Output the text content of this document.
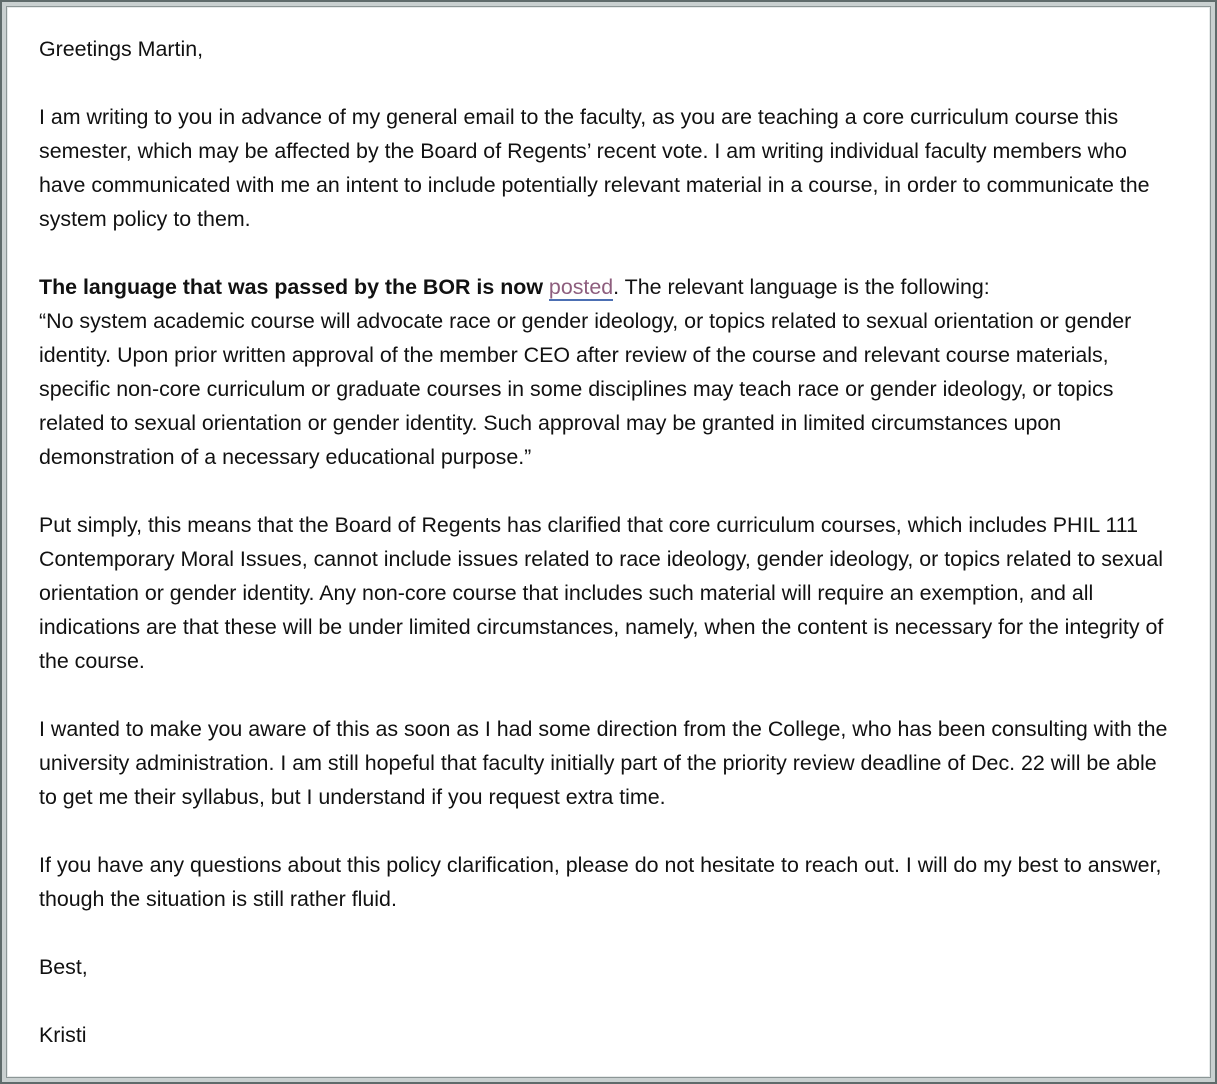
Greetings Martin,

I am writing to you in advance of my general email to the faculty, as you are teaching a core curriculum course this semester, which may be affected by the Board of Regents’ recent vote. I am writing individual faculty members who have communicated with me an intent to include potentially relevant material in a course, in order to communicate the system policy to them.

The language that was passed by the BOR is now posted. The relevant language is the following:
“No system academic course will advocate race or gender ideology, or topics related to sexual orientation or gender identity. Upon prior written approval of the member CEO after review of the course and relevant course materials, specific non-core curriculum or graduate courses in some disciplines may teach race or gender ideology, or topics related to sexual orientation or gender identity. Such approval may be granted in limited circumstances upon demonstration of a necessary educational purpose.”

Put simply, this means that the Board of Regents has clarified that core curriculum courses, which includes PHIL 111 Contemporary Moral Issues, cannot include issues related to race ideology, gender ideology, or topics related to sexual orientation or gender identity. Any non-core course that includes such material will require an exemption, and all indications are that these will be under limited circumstances, namely, when the content is necessary for the integrity of the course.

I wanted to make you aware of this as soon as I had some direction from the College, who has been consulting with the university administration. I am still hopeful that faculty initially part of the priority review deadline of Dec. 22 will be able to get me their syllabus, but I understand if you request extra time.

If you have any questions about this policy clarification, please do not hesitate to reach out. I will do my best to answer, though the situation is still rather fluid.

Best,

Kristi
